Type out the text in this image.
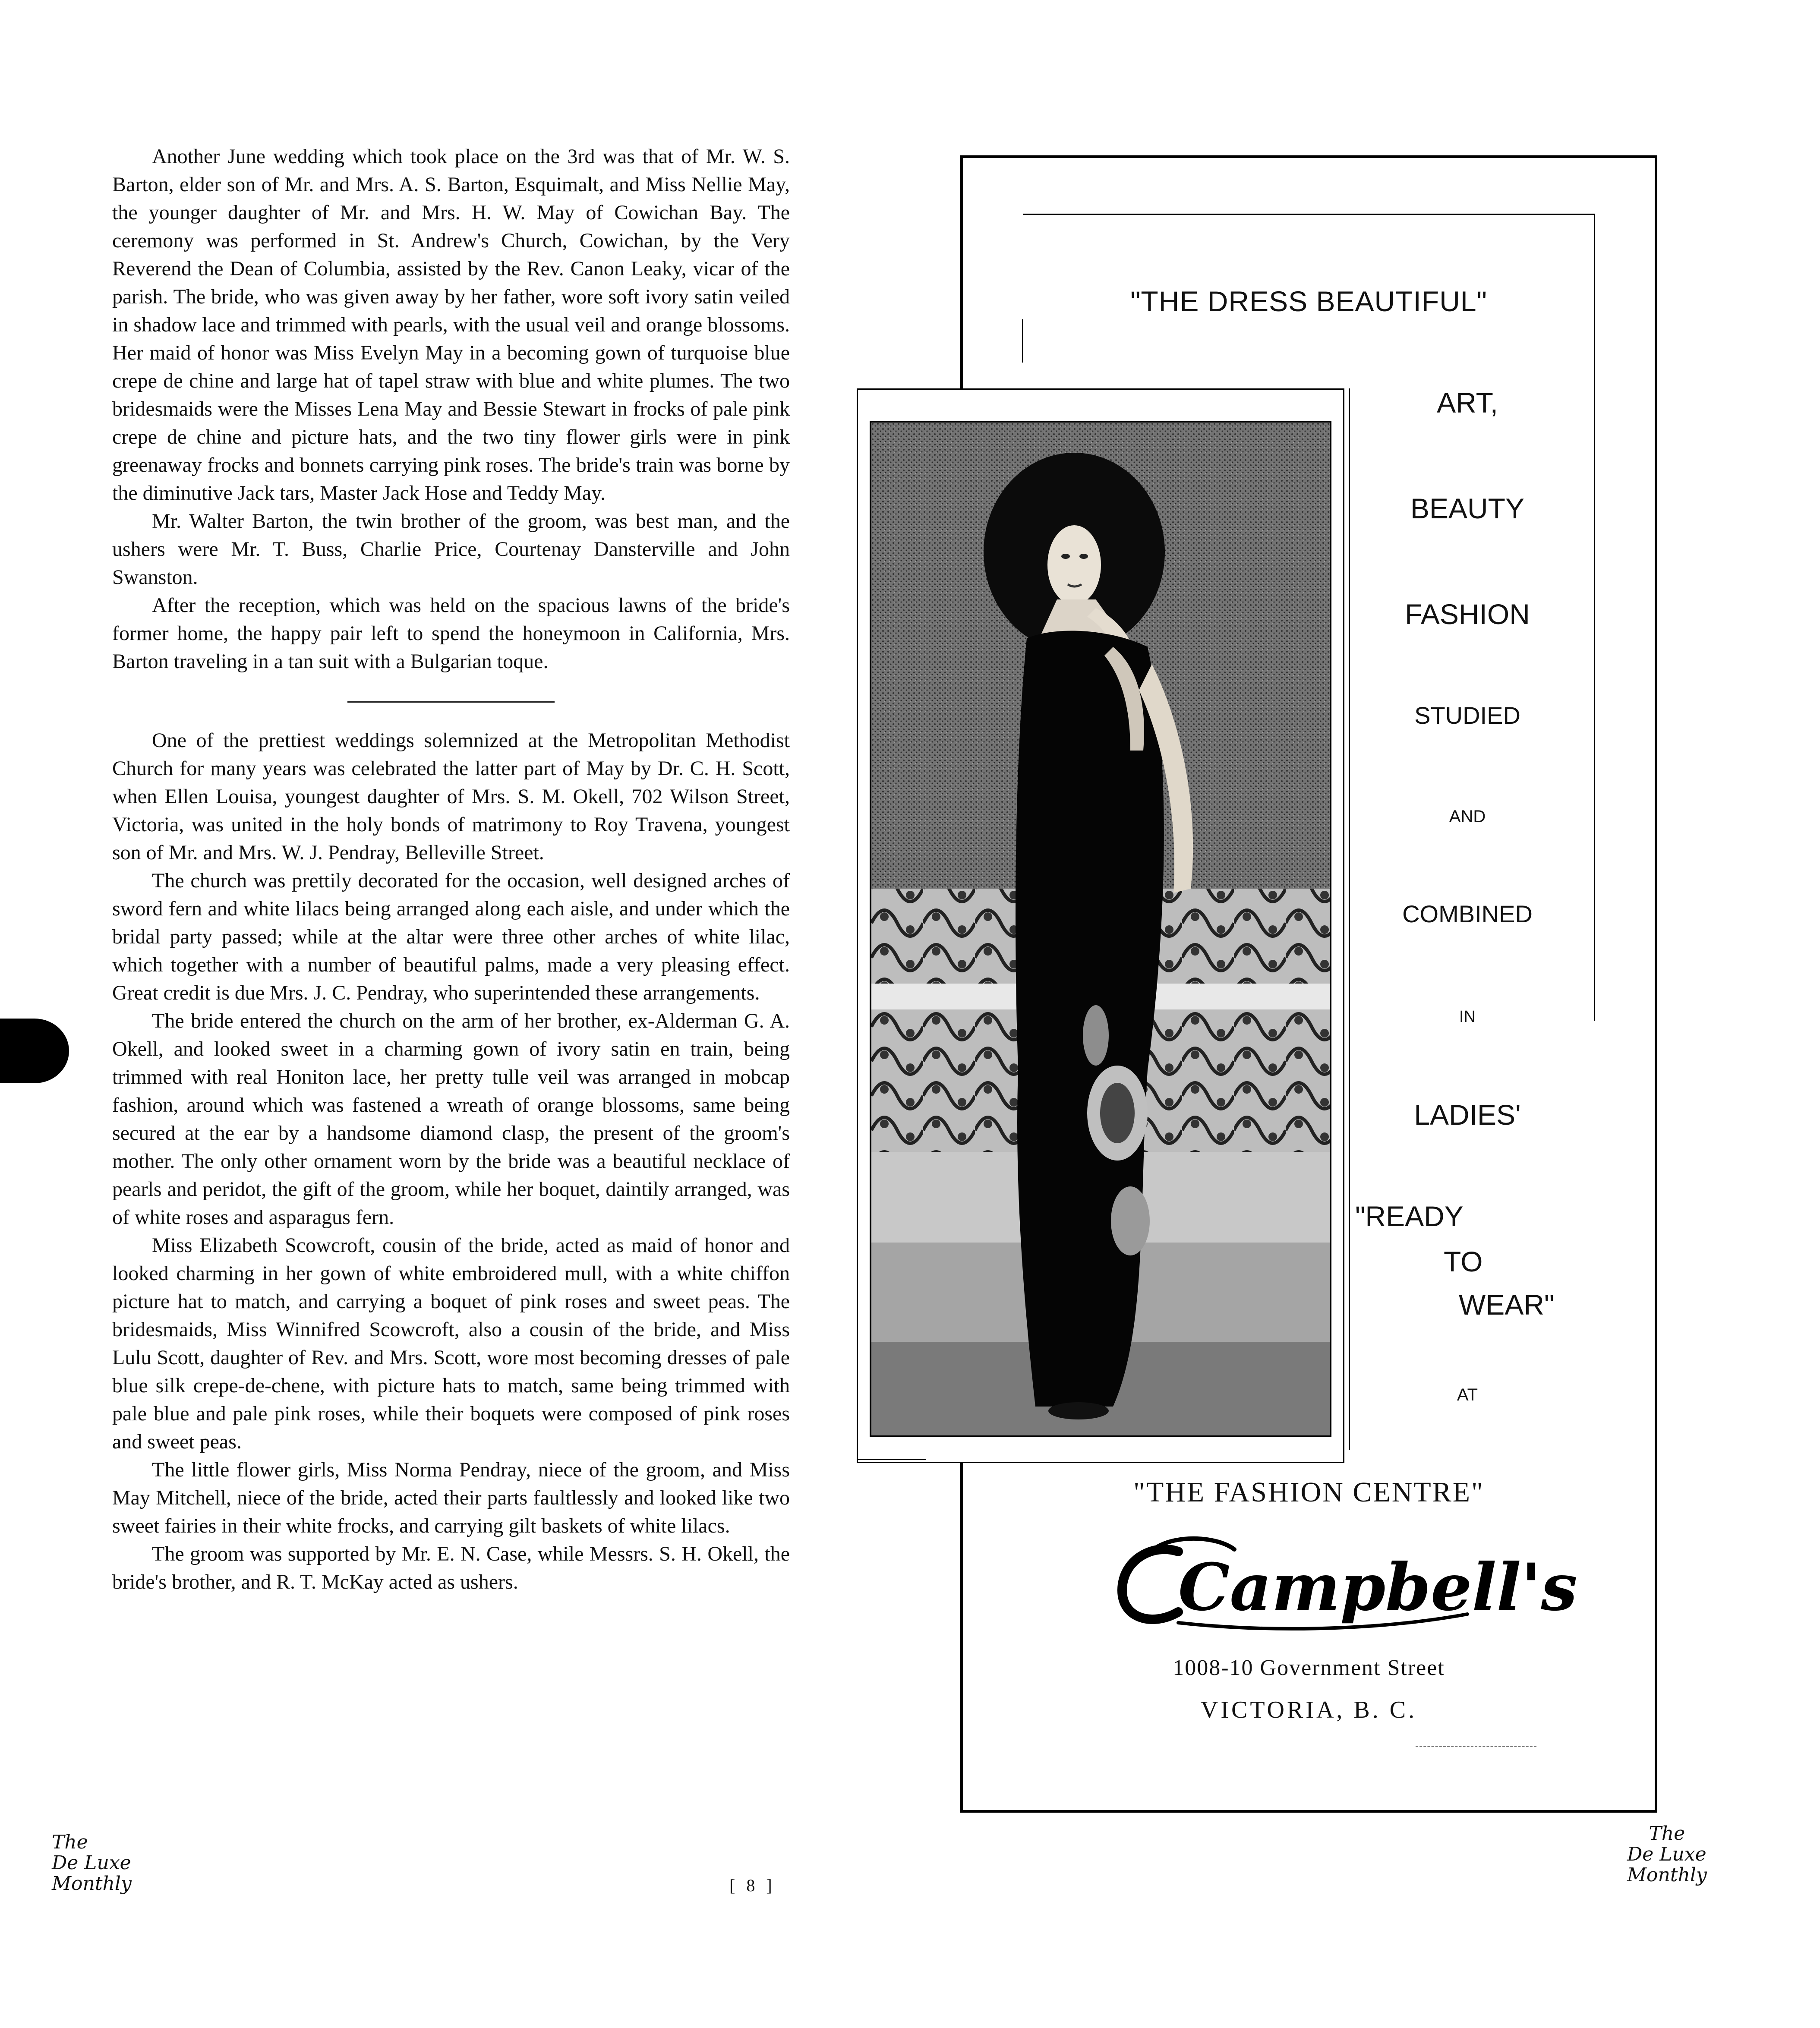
Another June wedding which took place on the 3rd was that of Mr. W. S. Barton, elder son of Mr. and Mrs. A. S. Barton, Esquimalt, and Miss Nellie May, the younger daughter of Mr. and Mrs. H. W. May of Cowichan Bay. The ceremony was performed in St. Andrew's Church, Cowichan, by the Very Reverend the Dean of Columbia, assisted by the Rev. Canon Leaky, vicar of the parish. The bride, who was given away by her father, wore soft ivory satin veiled in shadow lace and trimmed with pearls, with the usual veil and orange blossoms. Her maid of honor was Miss Evelyn May in a becoming gown of turquoise blue crepe de chine and large hat of tapel straw with blue and white plumes. The two bridesmaids were the Misses Lena May and Bessie Stewart in frocks of pale pink crepe de chine and picture hats, and the two tiny flower girls were in pink greenaway frocks and bonnets carrying pink roses. The bride's train was borne by the diminutive Jack tars, Master Jack Hose and Teddy May.

Mr. Walter Barton, the twin brother of the groom, was best man, and the ushers were Mr. T. Buss, Charlie Price, Courtenay Dansterville and John Swanston.

After the reception, which was held on the spacious lawns of the bride's former home, the happy pair left to spend the honeymoon in California, Mrs. Barton traveling in a tan suit with a Bulgarian toque.

One of the prettiest weddings solemnized at the Metropolitan Methodist Church for many years was celebrated the latter part of May by Dr. C. H. Scott, when Ellen Louisa, youngest daughter of Mrs. S. M. Okell, 702 Wilson Street, Victoria, was united in the holy bonds of matrimony to Roy Travena, youngest son of Mr. and Mrs. W. J. Pendray, Belleville Street.

The church was prettily decorated for the occasion, well designed arches of sword fern and white lilacs being arranged along each aisle, and under which the bridal party passed; while at the altar were three other arches of white lilac, which together with a number of beautiful palms, made a very pleasing effect. Great credit is due Mrs. J. C. Pendray, who superintended these arrangements.

The bride entered the church on the arm of her brother, ex-Alderman G. A. Okell, and looked sweet in a charming gown of ivory satin en train, being trimmed with real Honiton lace, her pretty tulle veil was arranged in mobcap fashion, around which was fastened a wreath of orange blossoms, same being secured at the ear by a handsome diamond clasp, the present of the groom's mother. The only other ornament worn by the bride was a beautiful necklace of pearls and peridot, the gift of the groom, while her boquet, daintily arranged, was of white roses and asparagus fern.

Miss Elizabeth Scowcroft, cousin of the bride, acted as maid of honor and looked charming in her gown of white embroidered mull, with a white chiffon picture hat to match, and carrying a boquet of pink roses and sweet peas. The bridesmaids, Miss Winnifred Scowcroft, also a cousin of the bride, and Miss Lulu Scott, daughter of Rev. and Mrs. Scott, wore most becoming dresses of pale blue silk crepe-de-chene, with picture hats to match, same being trimmed with pale blue and pale pink roses, while their boquets were composed of pink roses and sweet peas.

The little flower girls, Miss Norma Pendray, niece of the groom, and Miss May Mitchell, niece of the bride, acted their parts faultlessly and looked like two sweet fairies in their white frocks, and carrying gilt baskets of white lilacs.

The groom was supported by Mr. E. N. Case, while Messrs. S. H. Okell, the bride's brother, and R. T. McKay acted as ushers.

The
De Luxe
Monthly	[ 8 ]
"THE DRESS BEAUTIFUL"
ART,
BEAUTY
FASHION
STUDIED
AND
COMBINED
IN
LADIES'
"READY
TO
WEAR"
AT
"THE FASHION CENTRE"
Campbell's
1008-10 Government Street
VICTORIA, B. C.
The
De Luxe
Monthly
